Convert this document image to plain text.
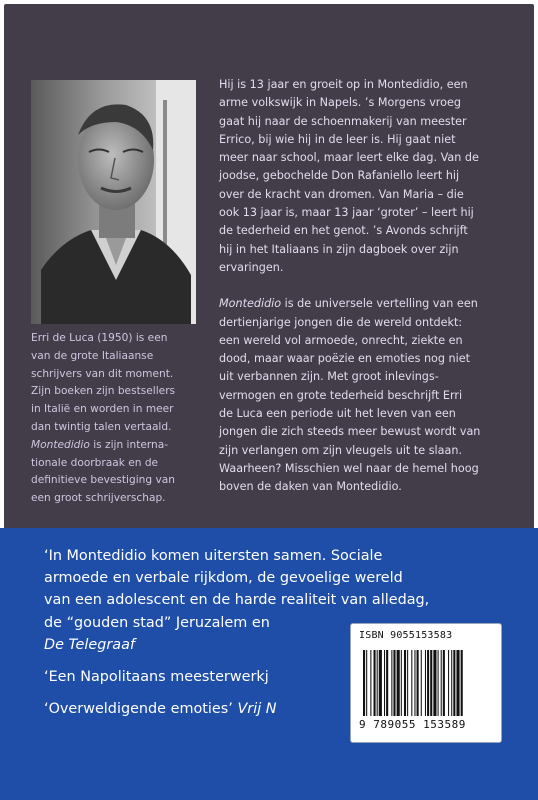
Erri de Luca (1950) is een
van de grote Italiaanse
schrijvers van dit moment.
Zijn boeken zijn bestsellers
in Italië en worden in meer
dan twintig talen vertaald.
Montedidio is zijn interna-
tionale doorbraak en de
definitieve bevestiging van
een groot schrijverschap.
Hij is 13 jaar en groeit op in Montedidio, een
arme volkswijk in Napels. ’s Morgens vroeg
gaat hij naar de schoenmakerij van meester
Errico, bij wie hij in de leer is. Hij gaat niet
meer naar school, maar leert elke dag. Van de
joodse, gebochelde Don Rafaniello leert hij
over de kracht van dromen. Van Maria – die
ook 13 jaar is, maar 13 jaar ‘groter’ – leert hij
de tederheid en het genot. ’s Avonds schrijft
hij in het Italiaans in zijn dagboek over zijn
ervaringen.
Montedidio is de universele vertelling van een
dertienjarige jongen die de wereld ontdekt:
een wereld vol armoede, onrecht, ziekte en
dood, maar waar poëzie en emoties nog niet
uit verbannen zijn. Met groot inlevings-
vermogen en grote tederheid beschrijft Erri
de Luca een periode uit het leven van een
jongen die zich steeds meer bewust wordt van
zijn verlangen om zijn vleugels uit te slaan.
Waarheen? Misschien wel naar de hemel hoog
boven de daken van Montedidio.
‘In Montedidio komen uitersten samen. Sociale
armoede en verbale rijkdom, de gevoelige wereld
van een adolescent en de harde realiteit van alledag,
de “gouden stad” Jeruzalem en
De Telegraaf
‘Een Napolitaans meesterwerkj
‘Overweldigende emoties’ Vrij N
ISBN 9055153583
9 789055 153589
